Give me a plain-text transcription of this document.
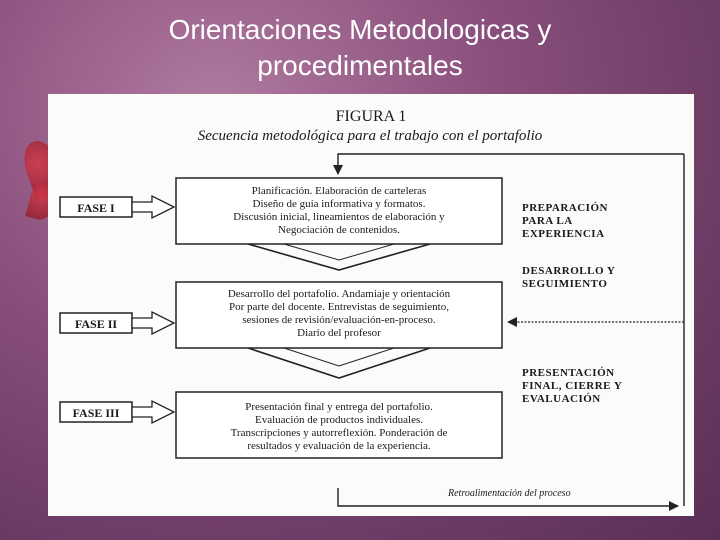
Orientaciones Metodologicas y
procedimentales
FIGURA 1
Secuencia metodológica para el trabajo con el portafolio
Planificación. Elaboración de carteleras
Diseño de guía informativa y formatos.
Discusión inicial, lineamientos de elaboración y
Negociación de contenidos.
Desarrollo del portafolio. Andamiaje y orientación
Por parte del docente. Entrevistas de seguimiento,
sesiones de revisión/evaluación-en-proceso.
Diario del profesor
Presentación final y entrega del portafolio.
Evaluación de productos individuales.
Transcripciones y autorreflexión. Ponderación de
resultados y evaluación de la experiencia.
FASE I
FASE II
FASE III
PREPARACIÓN
PARA LA
EXPERIENCIA
DESARROLLO Y
SEGUIMIENTO
PRESENTACIÓN
FINAL, CIERRE Y
EVALUACIÓN
Retroalimentación del proceso
